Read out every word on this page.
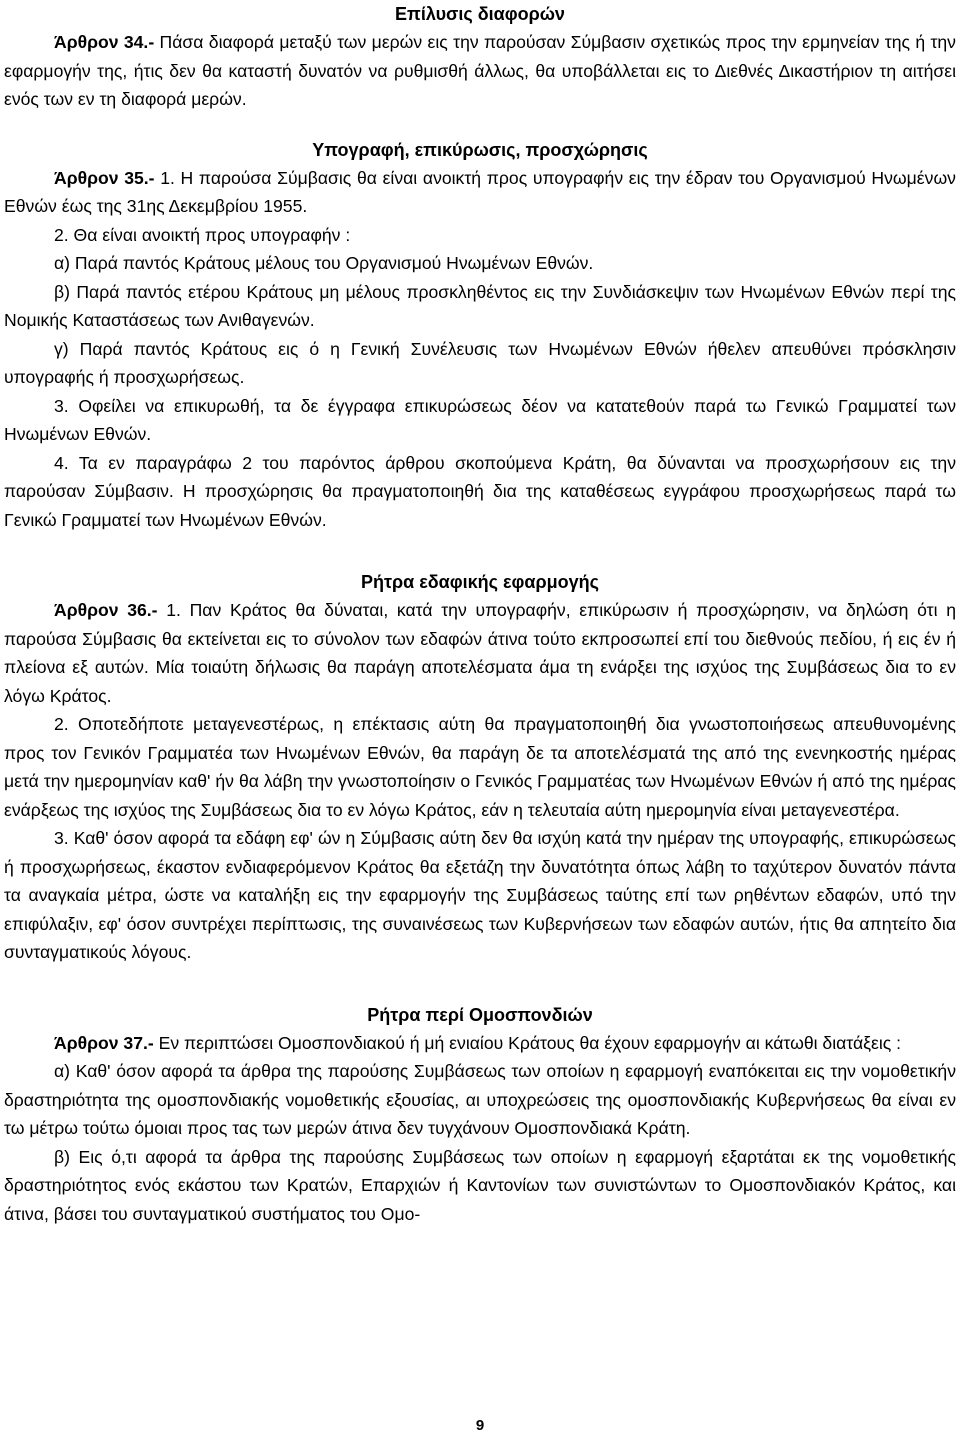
Επίλυσις διαφορών

Άρθρον 34.- Πάσα διαφορά μεταξύ των μερών εις την παρούσαν Σύμβασιν σχετικώς προς την ερμηνείαν της ή την εφαρμογήν της, ήτις δεν θα καταστή δυνατόν να ρυθμισθή άλλως, θα υποβάλλεται εις το Διεθνές Δικαστήριον τη αιτήσει ενός των εν τη διαφορά μερών.

Υπογραφή, επικύρωσις, προσχώρησις

Άρθρον 35.- 1. Η παρούσα Σύμβασις θα είναι ανοικτή προς υπογραφήν εις την έδραν του Οργανισμού Ηνωμένων Εθνών έως της 31ης Δεκεμβρίου 1955.

2. Θα είναι ανοικτή προς υπογραφήν :

α) Παρά παντός Κράτους μέλους του Οργανισμού Ηνωμένων Εθνών.

β) Παρά παντός ετέρου Κράτους μη μέλους προσκληθέντος εις την Συνδιάσκεψιν των Ηνωμένων Εθνών περί της Νομικής Καταστάσεως των Ανιθαγενών.

γ) Παρά παντός Κράτους εις ό η Γενική Συνέλευσις των Ηνωμένων Εθνών ήθελεν απευθύνει πρόσκλησιν υπογραφής ή προσχωρήσεως.

3. Οφείλει να επικυρωθή, τα δε έγγραφα επικυρώσεως δέον να κατατεθούν παρά τω Γενικώ Γραμματεί των Ηνωμένων Εθνών.

4. Τα εν παραγράφω 2 του παρόντος άρθρου σκοπούμενα Κράτη, θα δύνανται να προσχωρήσουν εις την παρούσαν Σύμβασιν. Η προσχώρησις θα πραγματοποιηθή δια της καταθέσεως εγγράφου προσχωρήσεως παρά τω Γενικώ Γραμματεί των Ηνωμένων Εθνών.

Ρήτρα εδαφικής εφαρμογής

Άρθρον 36.- 1. Παν Κράτος θα δύναται, κατά την υπογραφήν, επικύρωσιν ή προσχώρησιν, να δηλώση ότι η παρούσα Σύμβασις θα εκτείνεται εις το σύνολον των εδαφών άτινα τούτο εκπροσωπεί επί του διεθνούς πεδίου, ή εις έν ή πλείονα εξ αυτών. Μία τοιαύτη δήλωσις θα παράγη αποτελέσματα άμα τη ενάρξει της ισχύος της Συμβάσεως δια το εν λόγω Κράτος.

2. Οποτεδήποτε μεταγενεστέρως, η επέκτασις αύτη θα πραγματοποιηθή δια γνωστοποιήσεως απευθυνομένης προς τον Γενικόν Γραμματέα των Ηνωμένων Εθνών, θα παράγη δε τα αποτελέσματά της από της ενενηκοστής ημέρας μετά την ημερομηνίαν καθ' ήν θα λάβη την γνωστοποίησιν ο Γενικός Γραμματέας των Ηνωμένων Εθνών ή από της ημέρας ενάρξεως της ισχύος της Συμβάσεως δια το εν λόγω Κράτος, εάν η τελευταία αύτη ημερομηνία είναι μεταγενεστέρα.

3. Καθ' όσον αφορά τα εδάφη εφ' ών η Σύμβασις αύτη δεν θα ισχύη κατά την ημέραν της υπογραφής, επικυρώσεως ή προσχωρήσεως, έκαστον ενδιαφερόμενον Κράτος θα εξετάζη την δυνατότητα όπως λάβη το ταχύτερον δυνατόν πάντα τα αναγκαία μέτρα, ώστε να καταλήξη εις την εφαρμογήν της Συμβάσεως ταύτης επί των ρηθέντων εδαφών, υπό την επιφύλαξιν, εφ' όσον συντρέχει περίπτωσις, της συναινέσεως των Κυβερνήσεων των εδαφών αυτών, ήτις θα απητείτο δια συνταγματικούς λόγους.

Ρήτρα περί Ομοσπονδιών

Άρθρον 37.- Εν περιπτώσει Ομοσπονδιακού ή μή ενιαίου Κράτους θα έχουν εφαρμογήν αι κάτωθι διατάξεις :

α) Καθ' όσον αφορά τα άρθρα της παρούσης Συμβάσεως των οποίων η εφαρμογή εναπόκειται εις την νομοθετικήν δραστηριότητα της ομοσπονδιακής νομοθετικής εξουσίας, αι υποχρεώσεις της ομοσπονδιακής Κυβερνήσεως θα είναι εν τω μέτρω τούτω όμοιαι προς τας των μερών άτινα δεν τυγχάνουν Ομοσπονδιακά Κράτη.

β) Εις ό,τι αφορά τα άρθρα της παρούσης Συμβάσεως των οποίων η εφαρμογή εξαρτάται εκ της νομοθετικής δραστηριότητος ενός εκάστου των Κρατών, Επαρχιών ή Καντονίων των συνιστώντων το Ομοσπονδιακόν Κράτος, και άτινα, βάσει του συνταγματικού συστήματος του Ομο-

9
